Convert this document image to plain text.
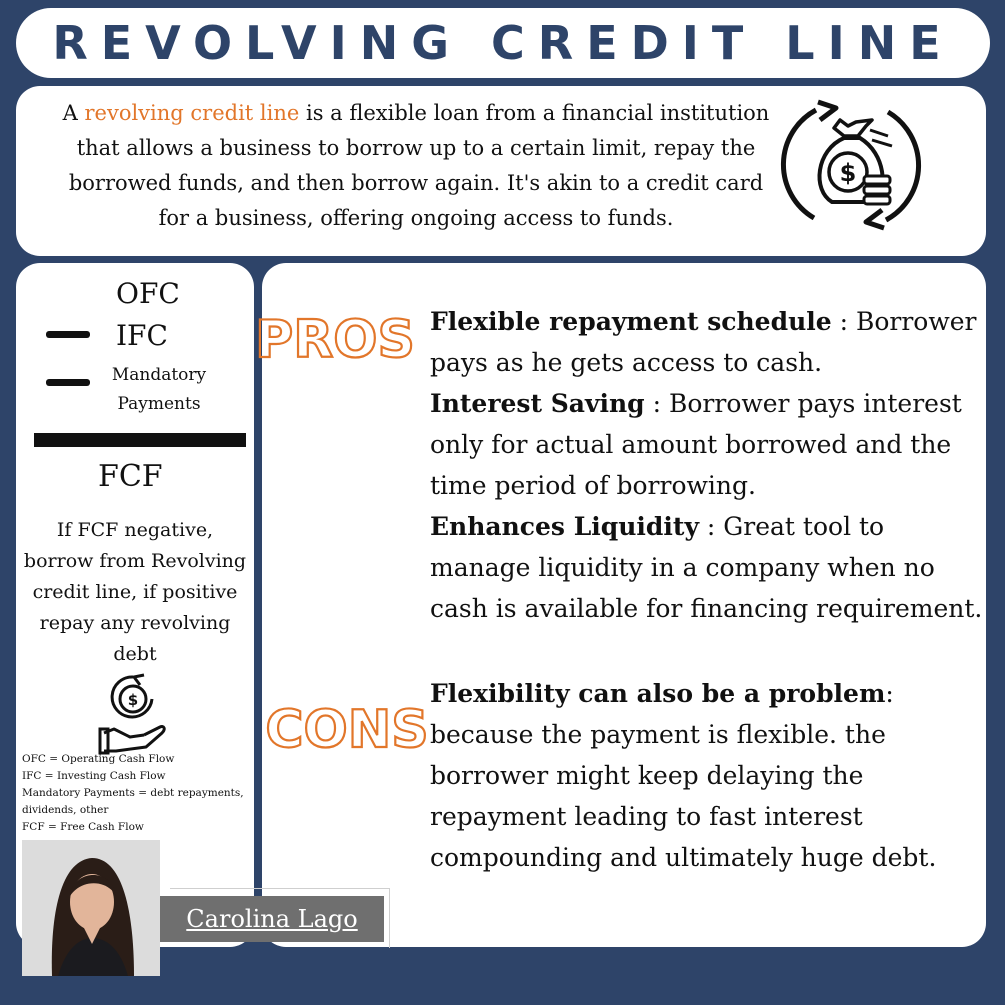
REVOLVING CREDIT LINE

A revolving credit line is a flexible loan from a financial institution that allows a business to borrow up to a certain limit, repay the borrowed funds, and then borrow again. It's akin to a credit card for a business, offering ongoing access to funds.

$
OFC
IFC
Mandatory Payments
FCF

If FCF negative, borrow from Revolving credit line, if positive repay any revolving debt

$
OFC = Operating Cash Flow
IFC = Investing Cash Flow
Mandatory Payments = debt repayments,
dividends, other
FCF = Free Cash Flow
PROS Flexible repayment schedule : Borrower pays as he gets access to cash.
Interest Saving : Borrower pays interest only for actual amount borrowed and the time period of borrowing.
Enhances Liquidity : Great tool to manage liquidity in a company when no cash is available for financing requirement.
CONS
Flexibility can also be a problem: because the payment is flexible. the borrower might keep delaying the repayment leading to fast interest compounding and ultimately huge debt.
Carolina Lago
